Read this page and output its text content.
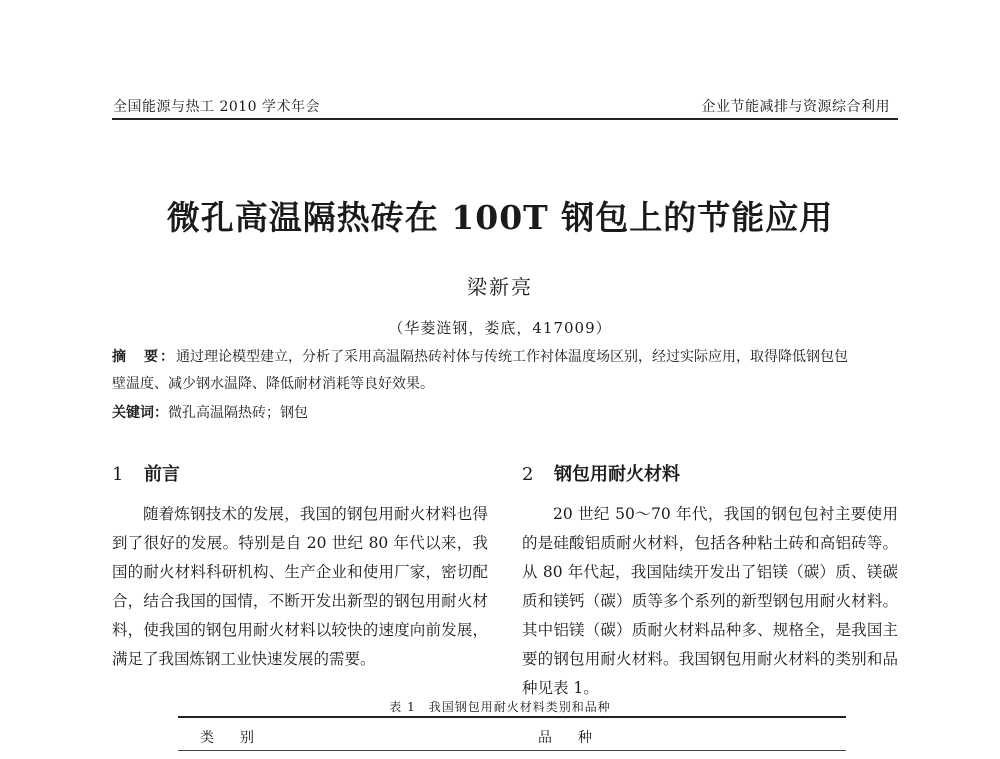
全国能源与热工 2010 学术年会	企业节能减排与资源综合利用
微孔高温隔热砖在 100T 钢包上的节能应用
梁新亮
（华菱涟钢，娄底，417009）
摘　要：通过理论模型建立，分析了采用高温隔热砖衬体与传统工作衬体温度场区别，经过实际应用，取得降低钢包包壁温度、减少钢水温降、降低耐材消耗等良好效果。
关键词：微孔高温隔热砖；钢包
1 前言	2 钢包用耐火材料

随着炼钢技术的发展，我国的钢包用耐火材料也得到了很好的发展。特别是自 20 世纪 80 年代以来，我国的耐火材料科研机构、生产企业和使用厂家，密切配合，结合我国的国情，不断开发出新型的钢包用耐火材料，使我国的钢包用耐火材料以较快的速度向前发展，满足了我国炼钢工业快速发展的需要。

20 世纪 50～70 年代，我国的钢包包衬主要使用的是硅酸铝质耐火材料，包括各种粘土砖和高铝砖等。从 80 年代起，我国陆续开发出了铝镁（碳）质、镁碳质和镁钙（碳）质等多个系列的新型钢包用耐火材料。其中铝镁（碳）质耐火材料品种多、规格全，是我国主要的钢包用耐火材料。我国钢包用耐火材料的类别和品种见表 1。

表 1　我国钢包用耐火材料类别和品种
类　别	品　种
